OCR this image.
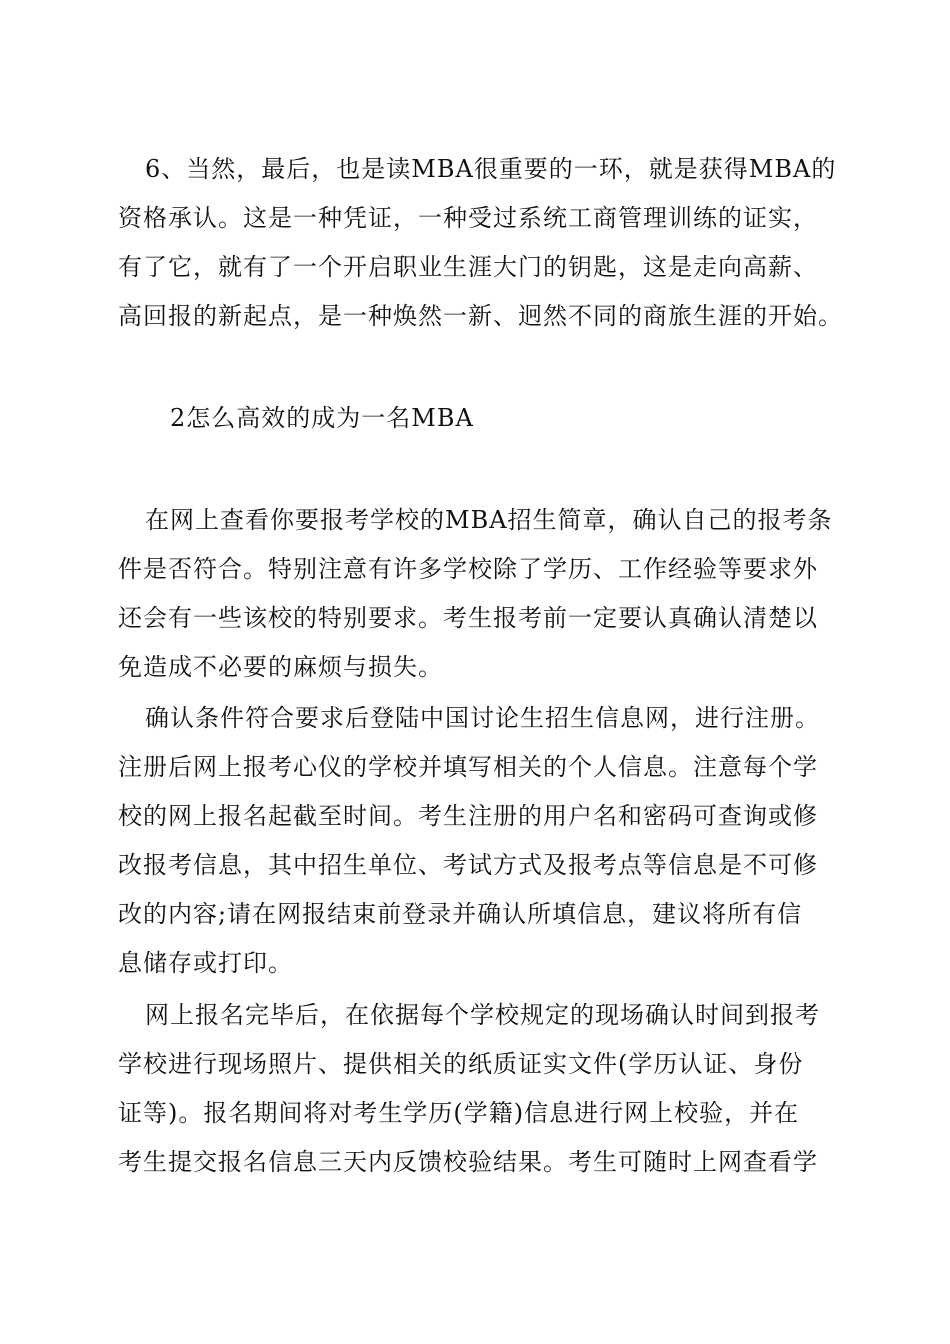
6、当然，最后，也是读MBA很重要的一环，就是获得MBA的
资格承认。这是一种凭证，一种受过系统工商管理训练的证实，
有了它，就有了一个开启职业生涯大门的钥匙，这是走向高薪、
高回报的新起点，是一种焕然一新、迥然不同的商旅生涯的开始。
2怎么高效的成为一名MBA
在网上查看你要报考学校的MBA招生简章，确认自己的报考条
件是否符合。特别注意有许多学校除了学历、工作经验等要求外
还会有一些该校的特别要求。考生报考前一定要认真确认清楚以
免造成不必要的麻烦与损失。
确认条件符合要求后登陆中国讨论生招生信息网，进行注册。
注册后网上报考心仪的学校并填写相关的个人信息。注意每个学
校的网上报名起截至时间。考生注册的用户名和密码可查询或修
改报考信息，其中招生单位、考试方式及报考点等信息是不可修
改的内容;请在网报结束前登录并确认所填信息，建议将所有信
息储存或打印。
网上报名完毕后，在依据每个学校规定的现场确认时间到报考
学校进行现场照片、提供相关的纸质证实文件(学历认证、身份
证等)。报名期间将对考生学历(学籍)信息进行网上校验，并在
考生提交报名信息三天内反馈校验结果。考生可随时上网查看学
